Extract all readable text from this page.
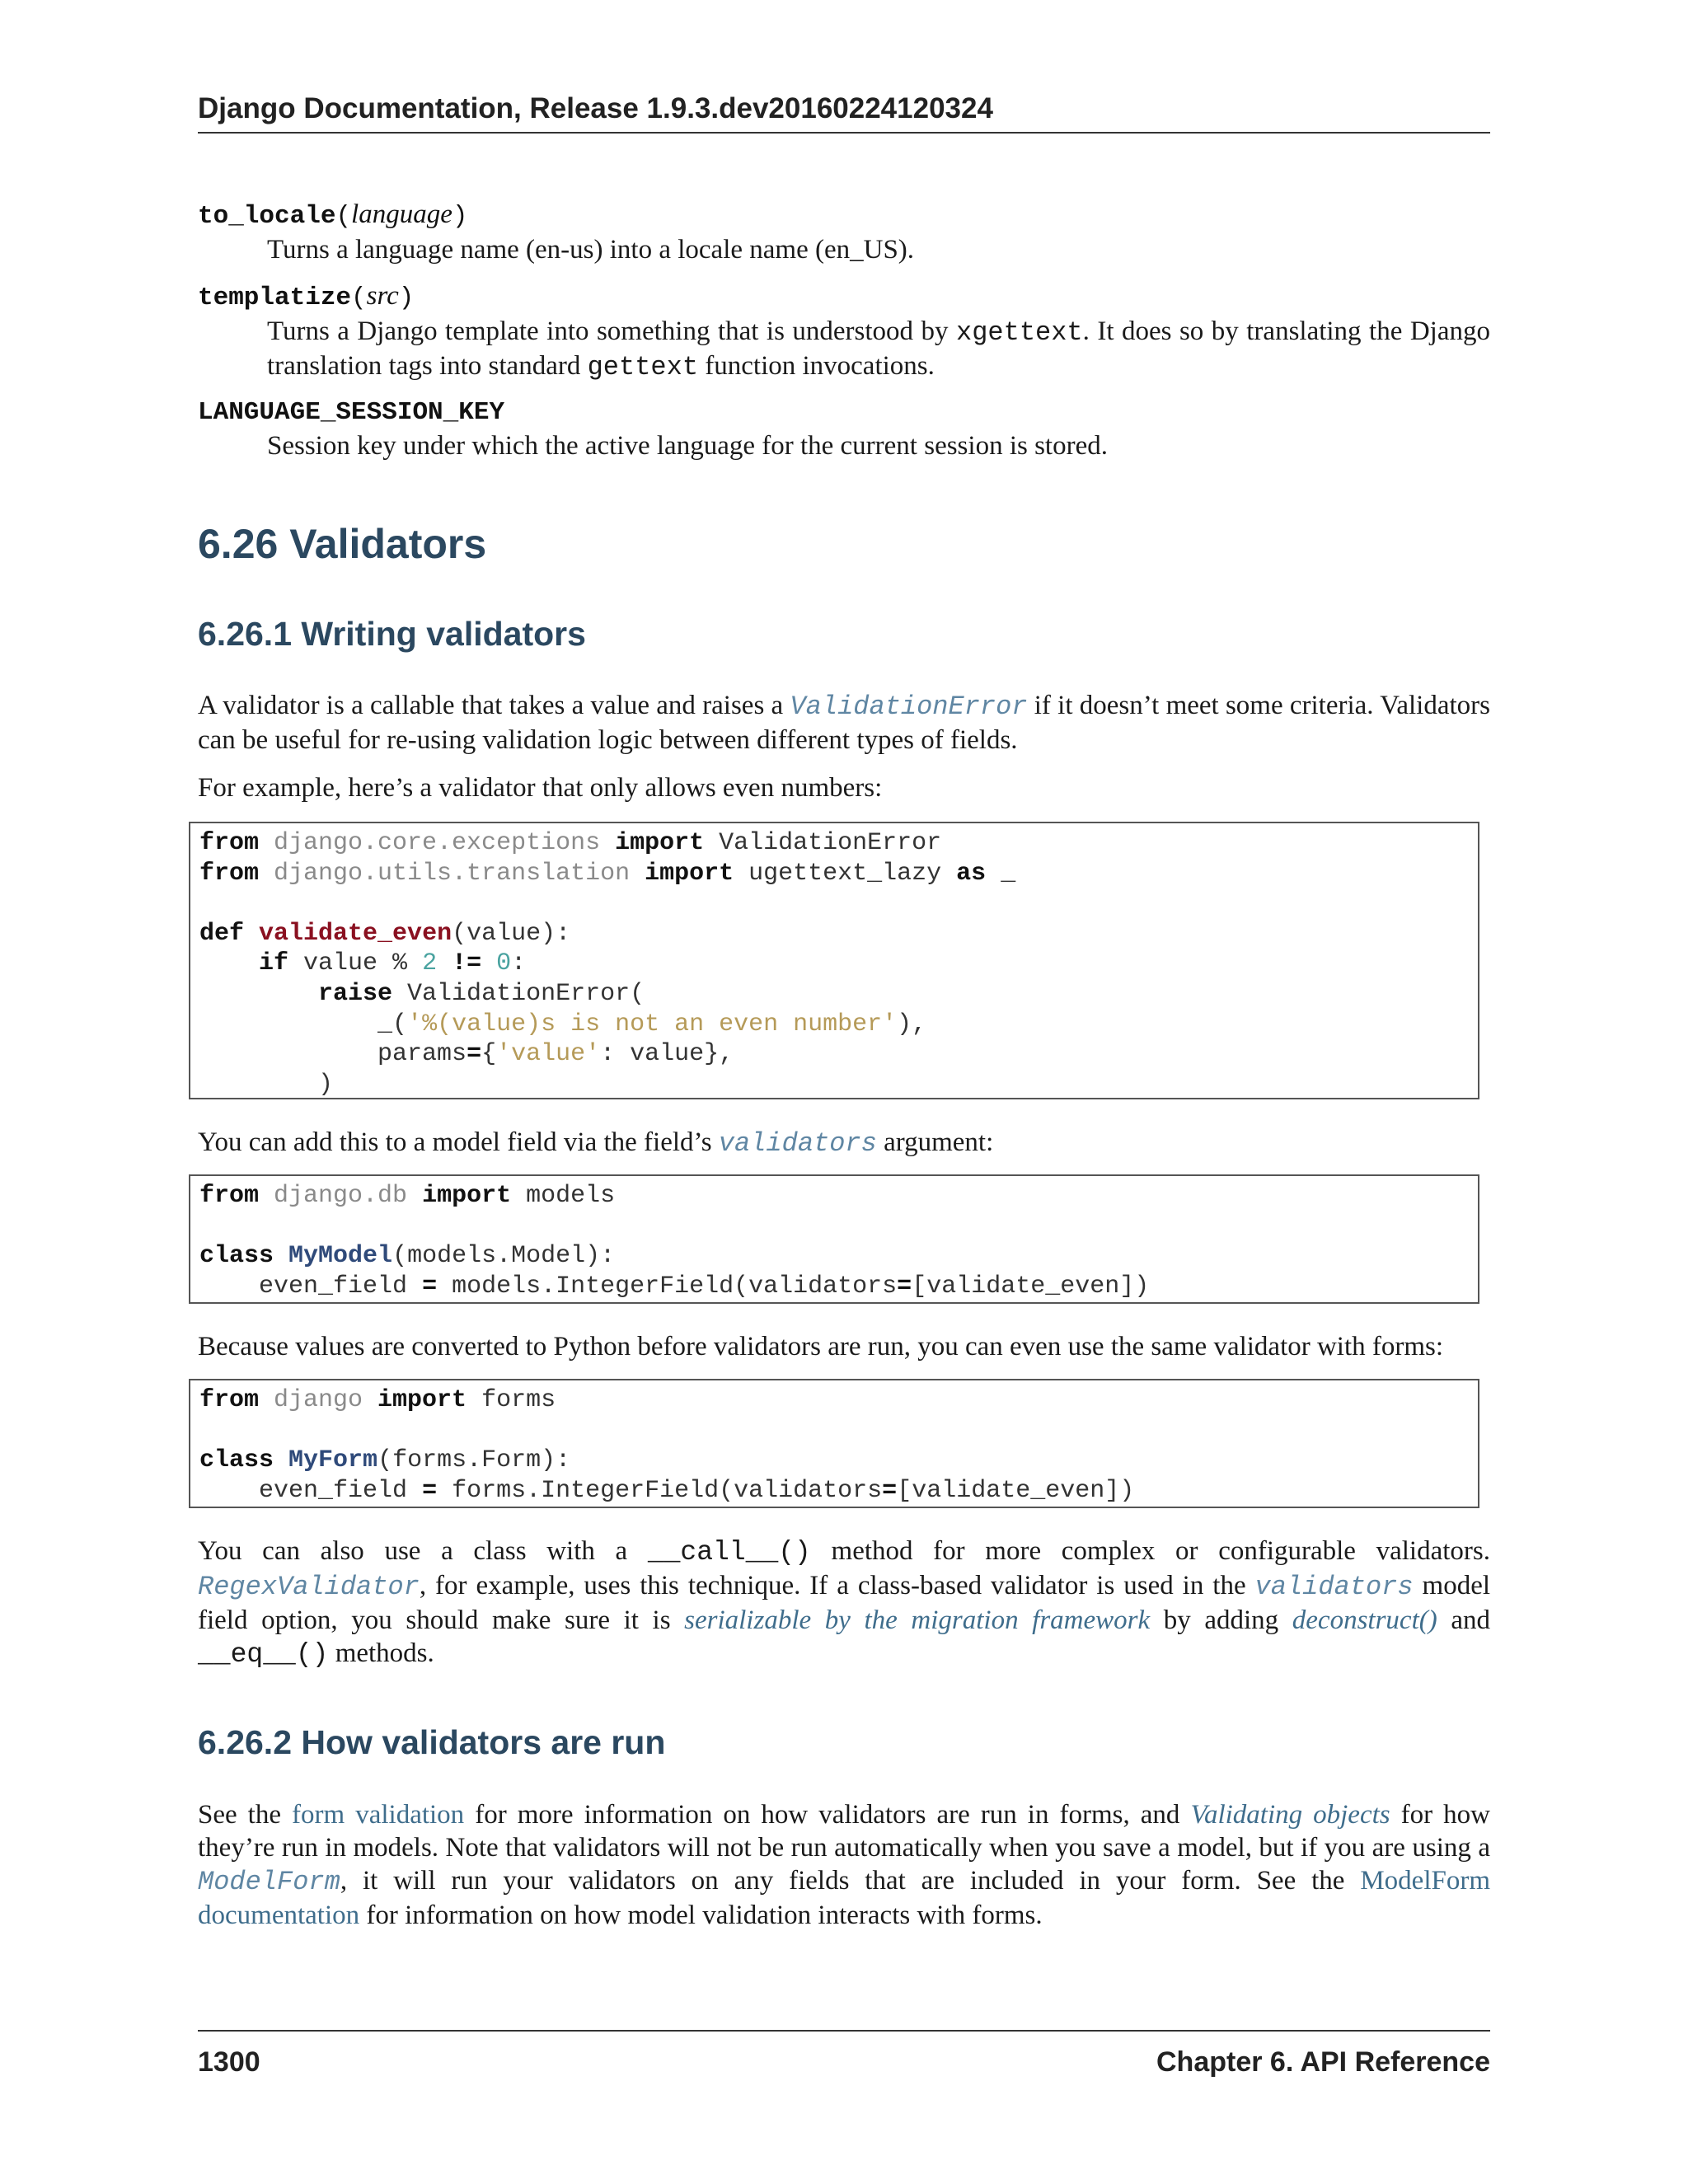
Django Documentation, Release 1.9.3.dev20160224120324
to_locale(language)
Turns a language name (en-us) into a locale name (en_US).
templatize(src)
Turns a Django template into something that is understood by xgettext. It does so by translating the Django translation tags into standard gettext function invocations.
LANGUAGE_SESSION_KEY
Session key under which the active language for the current session is stored.
6.26 Validators
6.26.1 Writing validators

A validator is a callable that takes a value and raises a ValidationError if it doesn’t meet some criteria. Validators can be useful for re-using validation logic between different types of fields.

For example, here’s a validator that only allows even numbers:

from django.core.exceptions import ValidationError
from django.utils.translation import ugettext_lazy as _

def validate_even(value):
if value % 2 != 0:
raise ValidationError(
_('%(value)s is not an even number'),
params={'value': value},
)

You can add this to a model field via the field’s validators argument:

from django.db import models

class MyModel(models.Model):
even_field = models.IntegerField(validators=[validate_even])

Because values are converted to Python before validators are run, you can even use the same validator with forms:

from django import forms

class MyForm(forms.Form):
even_field = forms.IntegerField(validators=[validate_even])

You can also use a class with a __call__() method for more complex or configurable validators. RegexValidator, for example, uses this technique. If a class-based validator is used in the validators model field option, you should make sure it is serializable by the migration framework by adding deconstruct() and __eq__() methods.

6.26.2 How validators are run

See the form validation for more information on how validators are run in forms, and Validating objects for how they’re run in models. Note that validators will not be run automatically when you save a model, but if you are using a ModelForm, it will run your validators on any fields that are included in your form. See the ModelForm documentation for information on how model validation interacts with forms.

1300	Chapter 6. API Reference
